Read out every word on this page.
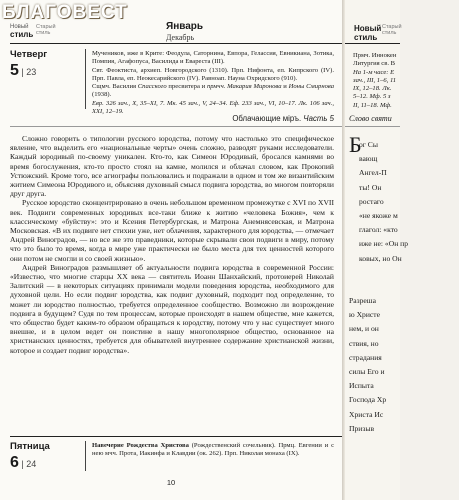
Новый
стиль
Старый
стиль
Январь
Декабрь
Четверг
5 | 23

Мучеников, иже в Крите: Феодула, Саторнина, Евпора, Гелассия, Евникиана, Зотика, Помпия, Агафопуса, Василида и Евареста (III).

Свт. Феоктиста, архиеп. Новгородского (1310). Прп. Нифонта, еп. Кипрского (IV). Прп. Павла, еп. Неокесарийского (IV). Равноап. Науна Охридского (910).

Сщмч. Василия Спасского пресвитера и прмчч. Макария Миронова и Ионы Смирнова (1938).

Евр. 326 зач., X, 35–XI, 7. Мк. 45 зач., V, 24–34. Еф. 233 зач., VI, 10–17. Лк. 106 зач., XXI, 12–19.

Облачающие мiръ. Часть 5

Сложно говорить о типологии русского юродства, потому что настолько это специфическое явление, что выделить его «национальные черты» очень сложно, разводят руками исследователи. Каждый юродивый по-своему уникален. Кто-то, как Симеон Юродивый, бросался камнями во время богослужения, кто-то просто стоял на камне, молился и облачал словом, как Прокопий Устюжский. Кроме того, все агиографы пользовались и подражали в одном и том же византийским житием Симеона Юродивого и, объясняя духовный смысл подвига юродства, во многом повторяли друг друга.

Русское юродство сконцентрировано в очень небольшом временном промежутке с XVI по XVII век. Подвиги современных юродивых все-таки ближе к житию «человека Божия», чем к классическому «буйству»: это и Ксения Петербургская, и Матрона Анемнясевская, и Матрона Московская. «В их подвиге нет стихии уже, нет облачения, характерного для юродства, — отмечает Андрей Виноградов, — но все же это праведники, которые скрывали свои подвиги в миру, потому что это было то время, когда в мире уже практически не было места для тех ценностей которого они потом не смогли и со своей жизнью».

Андрей Виноградов размышляет об актуальности подвига юродства в современной России: «Известно, что многие старцы XX века — святитель Иоанн Шанхайский, протоиерей Николай Залитский — в некоторых ситуациях принимали модели поведения юродства, необходимого для духовной цели. Но если подвиг юродства, как подвиг духовный, подходит под определение, то может ли юродство полностью, требуется определенное сообщество. Возможно ли возрождение подвига в будущем? Судя по тем процессам, которые происходят в нашем обществе, мне кажется, что общество будет каким-то образом обращаться к юродству, потому что у нас существует много внешне, и в целом ведет он поистине в нашу многополярное общество, основанное на христианских ценностях, требуется для обывателей внутреннее содержание христианской жизни, которое и создает подвиг юродства».

Пятница
6 | 24

Навечерие Рождества Христова (Рождественский сочельник). Прмц. Евгении и с нею мчч. Прота, Иакинфа и Клавдии (ок. 262). Прп. Николая монаха (IX).

10
БЛАГОВЕСТ
Новый стиль
Старый
стиль
Прмч. Иннокен
Литургия св. В
На 1-м часе: Е
зач., III, 1–6, 11
IX, 12–18. Лк.
5–12. Мф. 5 з
II, 11–18. Мф.
Слово святи
Б
ог Сы
вающ
Ангел-П
ты! Он
ростаго
«не якоже м
глагол: «кто
иже не: «Он пр
ковых, но Он
Разреша
ю Христе
нем, и он
ствия, но
страдания
силы Его и
Испыта
Господа Хр
Христа Ис
Призыв
